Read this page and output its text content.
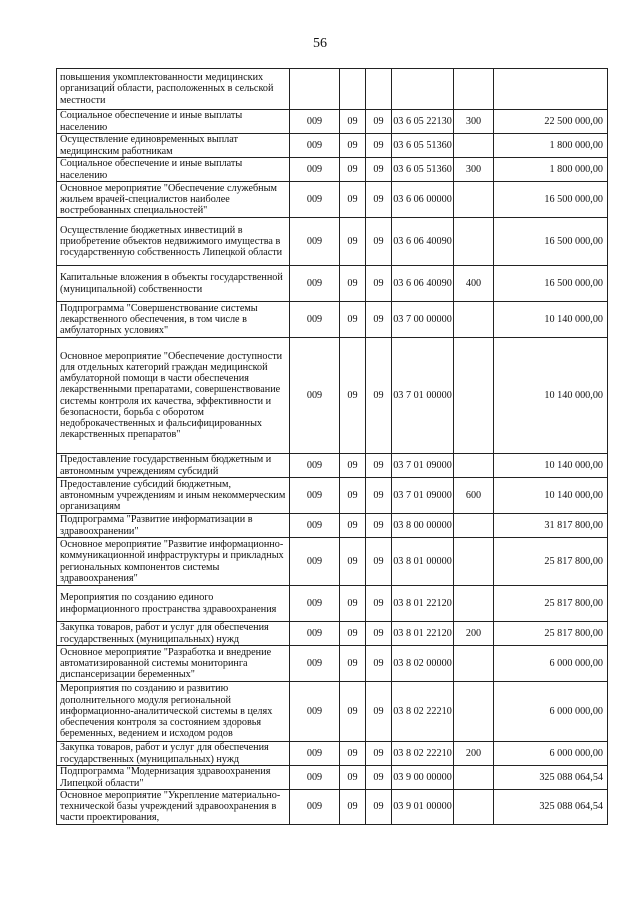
56
повышения укомплектованности медицинских организаций области, расположенных в сельской местности						
Социальное обеспечение и иные выплаты населению	009	09	09	03 6 05 22130	300	22 500 000,00
Осуществление единовременных выплат медицинским работникам	009	09	09	03 6 05 51360		1 800 000,00
Социальное обеспечение и иные выплаты населению	009	09	09	03 6 05 51360	300	1 800 000,00
Основное мероприятие "Обеспечение служебным жильем врачей-специалистов наиболее востребованных специальностей"	009	09	09	03 6 06 00000		16 500 000,00
Осуществление бюджетных инвестиций в приобретение объектов недвижимого имущества в государственную собственность Липецкой области	009	09	09	03 6 06 40090		16 500 000,00
Капитальные вложения в объекты государственной (муниципальной) собственности	009	09	09	03 6 06 40090	400	16 500 000,00
Подпрограмма "Совершенствование системы лекарственного обеспечения, в том числе в амбулаторных условиях"	009	09	09	03 7 00 00000		10 140 000,00
Основное мероприятие "Обеспечение доступности для отдельных категорий граждан медицинской амбулаторной помощи в части обеспечения лекарственными препаратами, совершенствование системы контроля их качества, эффективности и безопасности, борьба с оборотом недоброкачественных и фальсифицированных лекарственных препаратов"	009	09	09	03 7 01 00000		10 140 000,00
Предоставление государственным бюджетным и автономным учреждениям субсидий	009	09	09	03 7 01 09000		10 140 000,00
Предоставление субсидий бюджетным, автономным учреждениям и иным некоммерческим организациям	009	09	09	03 7 01 09000	600	10 140 000,00
Подпрограмма "Развитие информатизации в здравоохранении"	009	09	09	03 8 00 00000		31 817 800,00
Основное мероприятие "Развитие информационно-коммуникационной инфраструктуры и прикладных региональных компонентов системы здравоохранения"	009	09	09	03 8 01 00000		25 817 800,00
Мероприятия по созданию единого информационного пространства здравоохранения	009	09	09	03 8 01 22120		25 817 800,00
Закупка товаров, работ и услуг для обеспечения государственных (муниципальных) нужд	009	09	09	03 8 01 22120	200	25 817 800,00
Основное мероприятие "Разработка и внедрение автоматизированной системы мониторинга диспансеризации беременных"	009	09	09	03 8 02 00000		6 000 000,00
Мероприятия по созданию и развитию дополнительного модуля региональной информационно-аналитической системы в целях обеспечения контроля за состоянием здоровья беременных, ведением и исходом родов	009	09	09	03 8 02 22210		6 000 000,00
Закупка товаров, работ и услуг для обеспечения государственных (муниципальных) нужд	009	09	09	03 8 02 22210	200	6 000 000,00
Подпрограмма "Модернизация здравоохранения Липецкой области"	009	09	09	03 9 00 00000		325 088 064,54
Основное мероприятие "Укрепление материально-технической базы учреждений здравоохранения в части проектирования,	009	09	09	03 9 01 00000		325 088 064,54
